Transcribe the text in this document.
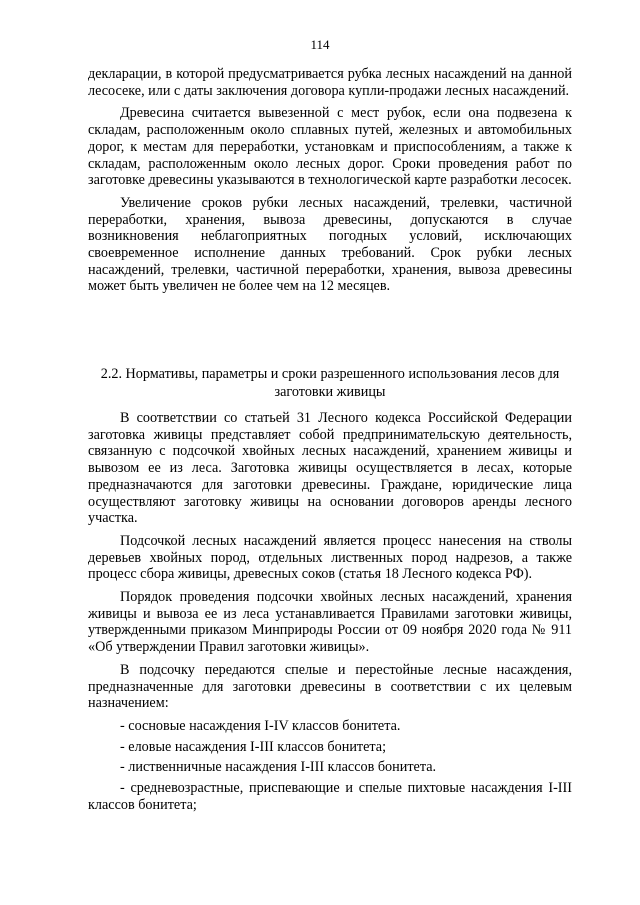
114

декларации, в которой предусматривается рубка лесных насаждений на данной лесосеке, или с даты заключения договора купли-продажи лесных насаждений.

Древесина считается вывезенной с мест рубок, если она подвезена к складам, расположенным около сплавных путей, железных и автомобильных дорог, к местам для переработки, установкам и приспособлениям, а также к складам, расположенным около лесных дорог. Сроки проведения работ по заготовке древесины указываются в технологической карте разработки лесосек.

Увеличение сроков рубки лесных насаждений, трелевки, частичной переработки, хранения, вывоза древесины, допускаются в случае возникновения неблагоприятных погодных условий, исключающих своевременное исполнение данных требований. Срок рубки лесных насаждений, трелевки, частичной переработки, хранения, вывоза древесины может быть увеличен не более чем на 12 месяцев.

2.2. Нормативы, параметры и сроки разрешенного использования лесов для заготовки живицы

В соответствии со статьей 31 Лесного кодекса Российской Федерации заготовка живицы представляет собой предпринимательскую деятельность, связанную с подсочкой хвойных лесных насаждений, хранением живицы и вывозом ее из леса. Заготовка живицы осуществляется в лесах, которые предназначаются для заготовки древесины. Граждане, юридические лица осуществляют заготовку живицы на основании договоров аренды лесного участка.

Подсочкой лесных насаждений является процесс нанесения на стволы деревьев хвойных пород, отдельных лиственных пород надрезов, а также процесс сбора живицы, древесных соков (статья 18 Лесного кодекса РФ).

Порядок проведения подсочки хвойных лесных насаждений, хранения живицы и вывоза ее из леса устанавливается Правилами заготовки живицы, утвержденными приказом Минприроды России от 09 ноября 2020 года № 911 «Об утверждении Правил заготовки живицы».

В подсочку передаются спелые и перестойные лесные насаждения, предназначенные для заготовки древесины в соответствии с их целевым назначением:

- сосновые насаждения I-IV классов бонитета.

- еловые насаждения I-III классов бонитета;

- лиственничные насаждения I-III классов бонитета.

- средневозрастные, приспевающие и спелые пихтовые насаждения I-III классов бонитета;
